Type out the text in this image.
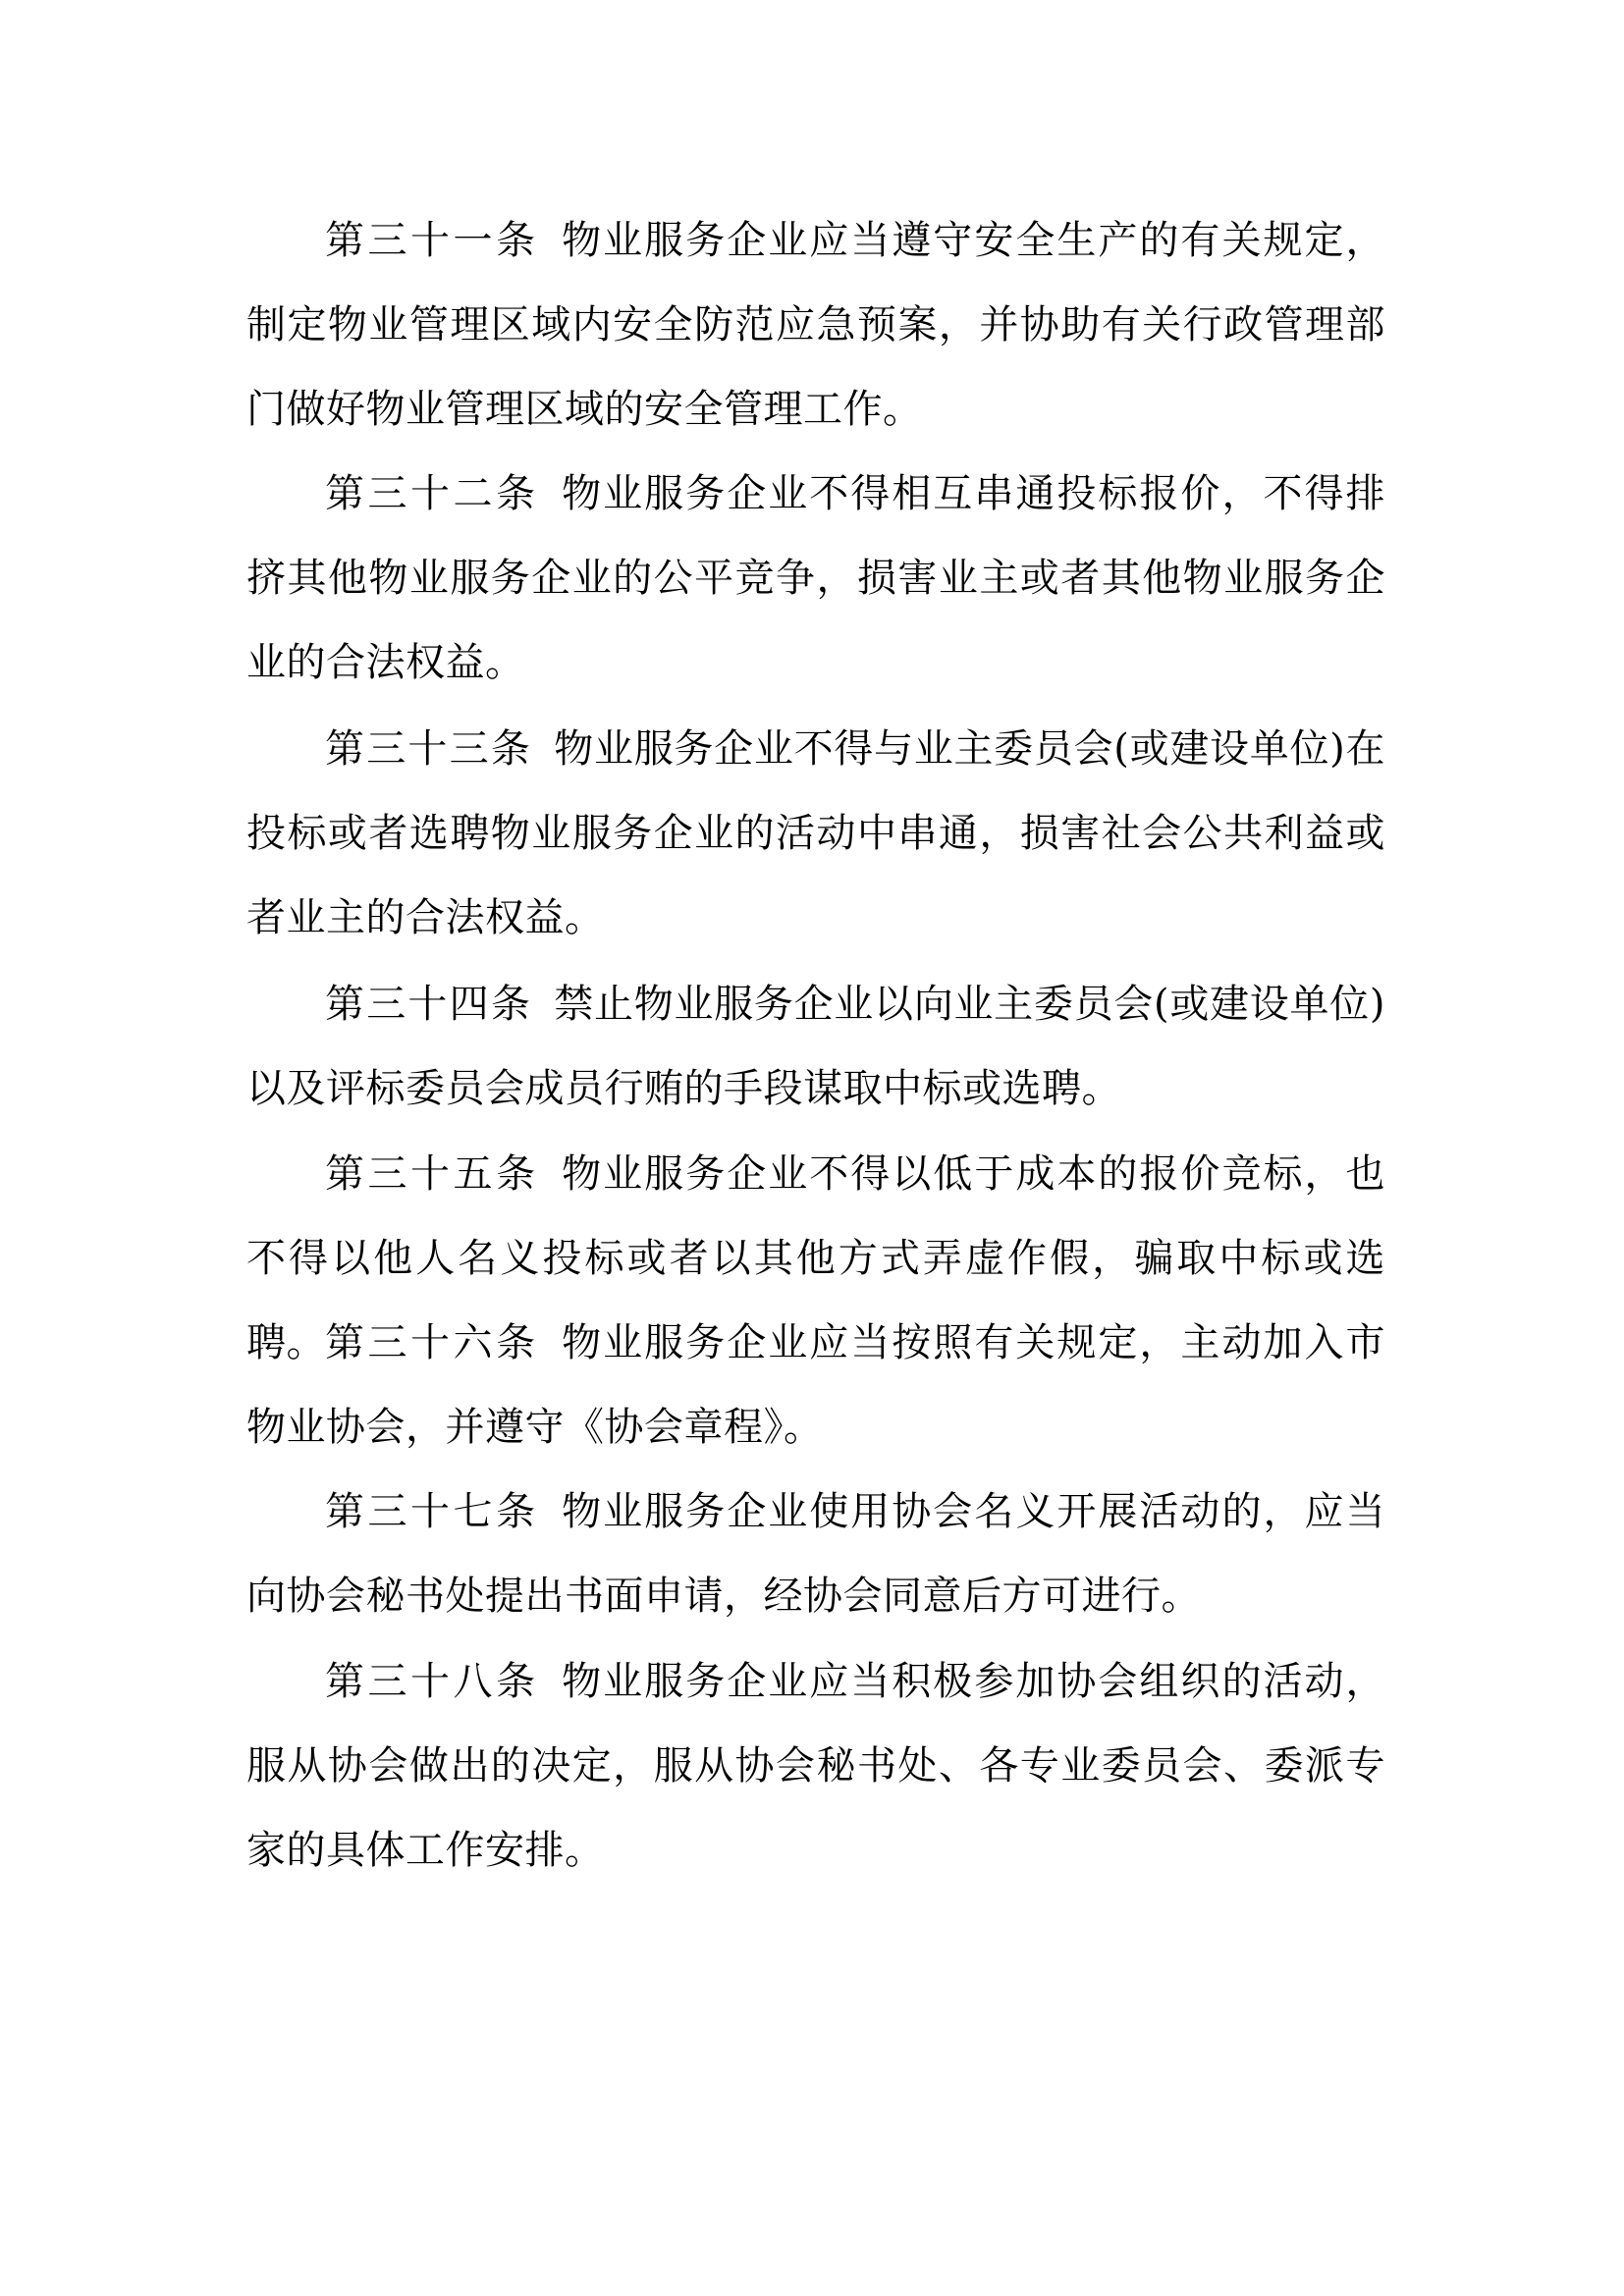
第三十一条 物业服务企业应当遵守安全生产的有关规定，制定物业管理区域内安全防范应急预案，并协助有关行政管理部门做好物业管理区域的安全管理工作。

第三十二条 物业服务企业不得相互串通投标报价，不得排挤其他物业服务企业的公平竞争，损害业主或者其他物业服务企业的合法权益。

第三十三条 物业服务企业不得与业主委员会(或建设单位)在投标或者选聘物业服务企业的活动中串通，损害社会公共利益或者业主的合法权益。

第三十四条 禁止物业服务企业以向业主委员会(或建设单位)以及评标委员会成员行贿的手段谋取中标或选聘。

第三十五条 物业服务企业不得以低于成本的报价竞标，也不得以他人名义投标或者以其他方式弄虚作假，骗取中标或选聘。 第三十六条 物业服务企业应当按照有关规定，主动加入市物业协会，并遵守《协会章程》。

第三十七条 物业服务企业使用协会名义开展活动的，应当向协会秘书处提出书面申请，经协会同意后方可进行。

第三十八条 物业服务企业应当积极参加协会组织的活动，服从协会做出的决定，服从协会秘书处、各专业委员会、委派专家的具体工作安排。
